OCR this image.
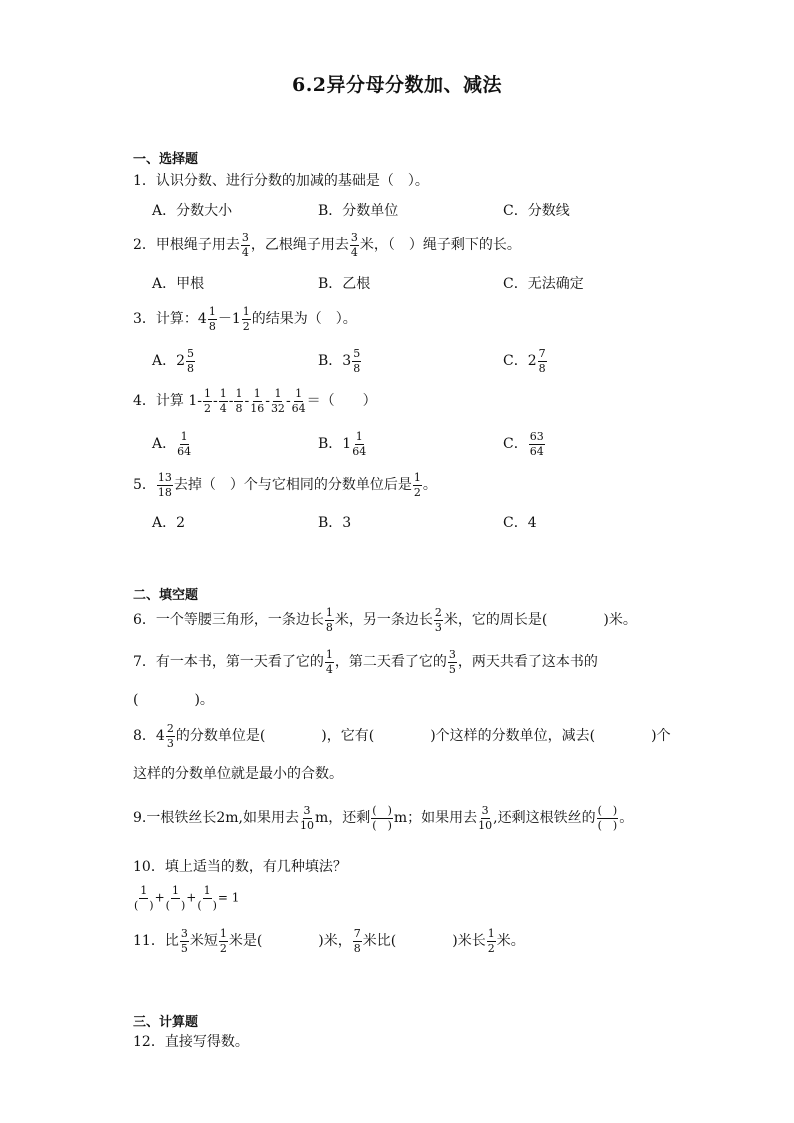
6.2异分母分数加、减法
一、选择题
1．认识分数、进行分数的加减的基础是（　）。
A．分数大小	B．分数单位	C．分数线
2．甲根绳子用去 $\frac{3}{4}$ ，乙根绳子用去 $\frac{3}{4}$ 米，（　）绳子剩下的长。
A．甲根	B．乙根	C．无法确定
3．计算：$4 \frac{1}{8} -1 \frac{1}{2}$ 的结果为（　）。
A．$2 \frac{5}{8}$	B．$3 \frac{5}{8}$	C．$2 \frac{7}{8}$
4．计算 $1- \frac{1}{2} - \frac{1}{4} - \frac{1}{8} - \frac{1}{16} - \frac{1}{32} - \frac{1}{64}$ ＝（　　）
A． $\frac{1}{64}$	B．$1 \frac{1}{64}$	C． $\frac{63}{64}$
5． $\frac{13}{18}$ 去掉（　）个与它相同的分数单位后是 $\frac{1}{2}$ 。
A．2	B．3	C．4
二、填空题
6．一个等腰三角形，一条边长 $\frac{1}{8}$ 米，另一条边长 $\frac{2}{3}$ 米，它的周长是(　　　　)米。
7．有一本书，第一天看了它的 $\frac{1}{4}$ ，第二天看了它的 $\frac{3}{5}$ ，两天共看了这本书的
(　　　　)。
8．$4 \frac{2}{3}$ 的分数单位是(　　　　)，它有(　　　　)个这样的分数单位，减去(　　　　)个
这样的分数单位就是最小的合数。
9.一根铁丝长2m,如果用去 $\frac{3}{10}$ m，还剩 (　)
(　) m；如果用去 $\frac{3}{10}$ ,还剩这根铁丝的 (　)
(　) 。
10．填上适当的数，有几种填法？
1
(　)
+
1
(　)
+
1
(　)
= 1
11．比 $\frac{3}{5}$ 米短 $\frac{1}{2}$ 米是(　　　　)米， $\frac{7}{8}$ 米比(　　　　)米长 $\frac{1}{2}$ 米。
三、计算题
12．直接写得数。
